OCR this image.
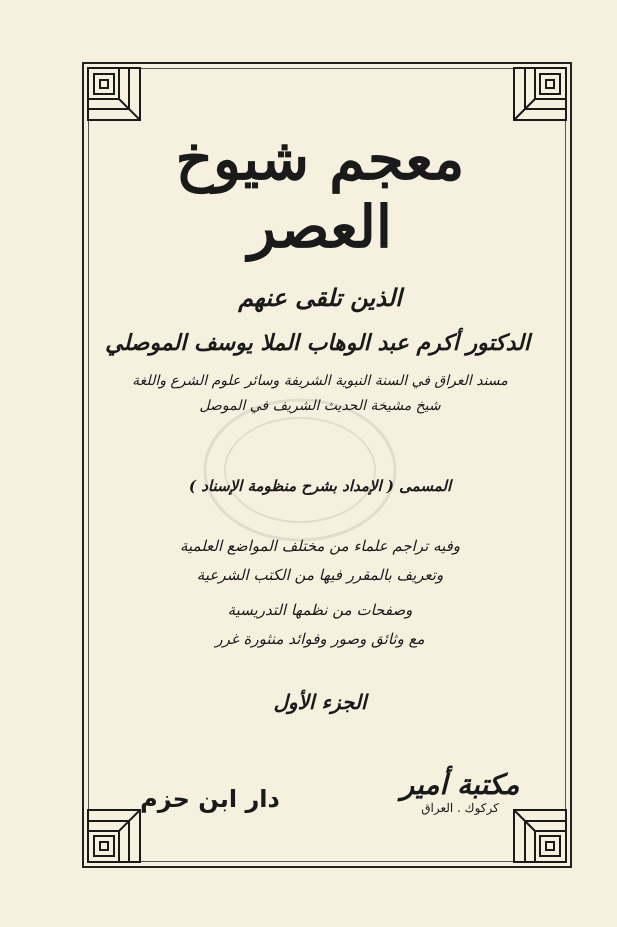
معجم شيوخ العصر
الذين تلقى عنهم
الدكتور أكرم عبد الوهاب الملا يوسف الموصلي
مسند العراق في السنة النبوية الشريفة وسائر علوم الشرع واللغة
شيخ مشيخة الحديث الشريف في الموصل
المسمى ( الإمداد بشرح منظومة الإسناد )
وفيه تراجم علماء من مختلف المواضع العلمية
وتعريف بالمقرر فيها من الكتب الشرعية
وصفحات من نظمها التدريسية
مع وثائق وصور وفوائد منثورة غرر
الجزء الأول
دار ابن حزم	مكتبة أمير
كركوك . العراق
